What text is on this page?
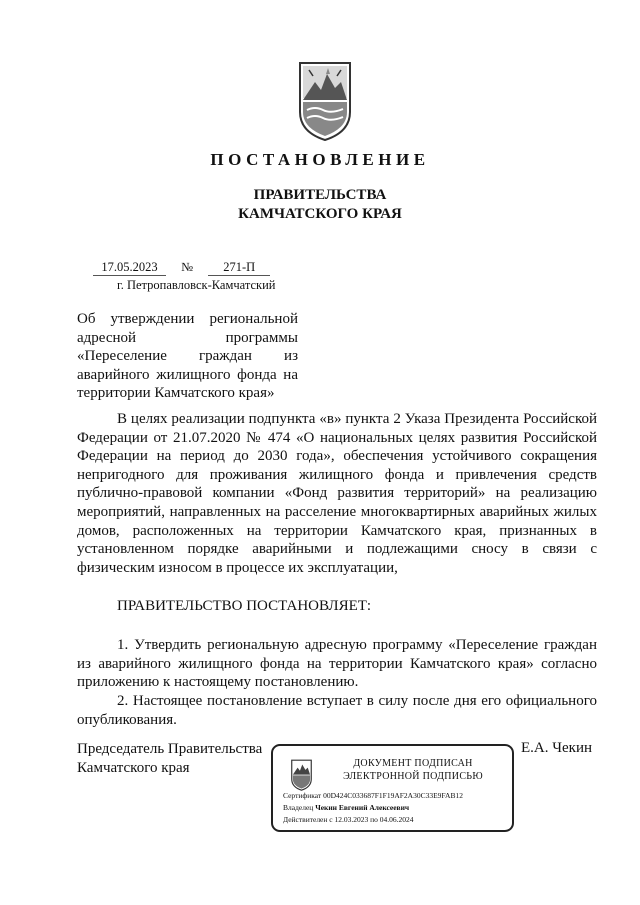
ПОСТАНОВЛЕНИЕ
ПРАВИТЕЛЬСТВА
КАМЧАТСКОГО КРАЯ
17.05.2023 № 271-П
г. Петропавловск-Камчатский
Об утверждении региональной адресной программы «Переселение граждан из аварийного жилищного фонда на территории Камчатского края»
В целях реализации подпункта «в» пункта 2 Указа Президента Российской Федерации от 21.07.2020 № 474 «О национальных целях развития Российской Федерации на период до 2030 года», обеспечения устойчивого сокращения непригодного для проживания жилищного фонда и привлечения средств публично-правовой компании «Фонд развития территорий» на реализацию мероприятий, направленных на расселение многоквартирных аварийных жилых домов, расположенных на территории Камчатского края, признанных в установленном порядке аварийными и подлежащими сносу в связи с физическим износом в процессе их эксплуатации,
ПРАВИТЕЛЬСТВО ПОСТАНОВЛЯЕТ:
1. Утвердить региональную адресную программу «Переселение граждан из аварийного жилищного фонда на территории Камчатского края» согласно приложению к настоящему постановлению.
2. Настоящее постановление вступает в силу после дня его официального опубликования.
Председатель Правительства
Камчатского края
Е.А. Чекин
ДОКУМЕНТ ПОДПИСАН
ЭЛЕКТРОННОЙ ПОДПИСЬЮ
Сертификат 00D424C033687F1F19AF2A30C33E9FAB12
Владелец Чекин Евгений Алексеевич
Действителен с 12.03.2023 по 04.06.2024
